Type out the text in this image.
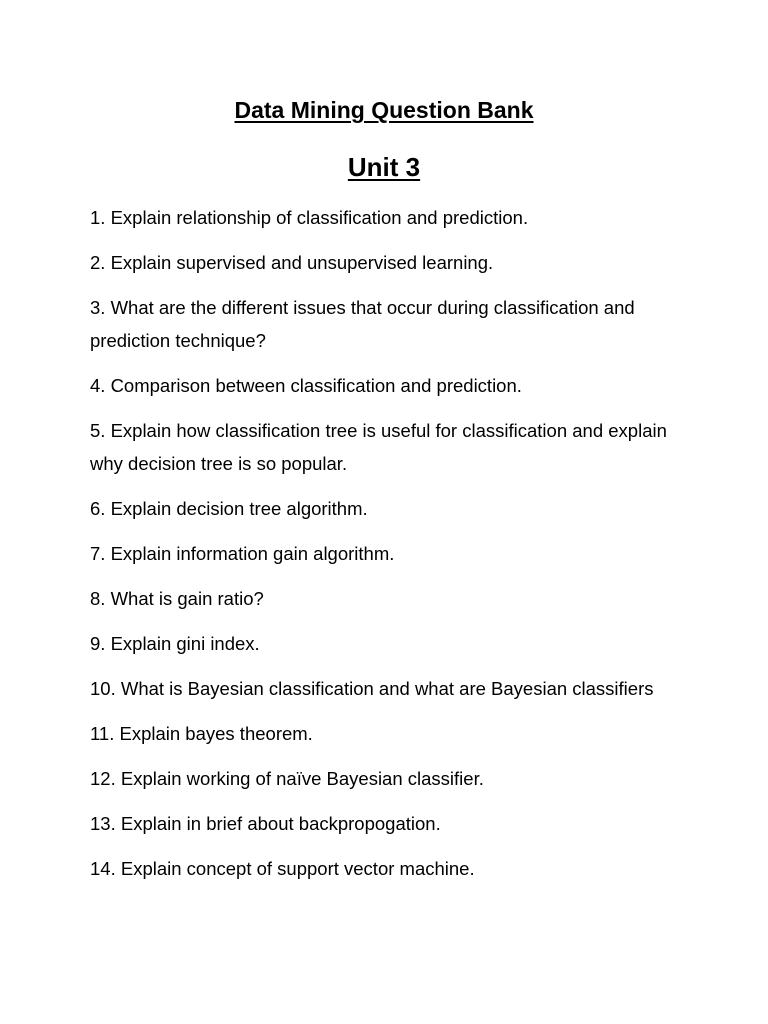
Data Mining Question Bank
Unit 3
1. Explain relationship of classification and prediction.
2. Explain supervised and unsupervised learning.
3. What are the different issues that occur during classification and prediction technique?
4. Comparison between classification and prediction.
5. Explain how classification tree is useful for classification and explain why decision tree is so popular.
6. Explain decision tree algorithm.
7. Explain information gain algorithm.
8. What is gain ratio?
9. Explain gini index.
10. What is Bayesian classification and what are Bayesian classifiers
11. Explain bayes theorem.
12. Explain working of naïve Bayesian classifier.
13. Explain in brief about backpropogation.
14. Explain concept of support vector machine.
